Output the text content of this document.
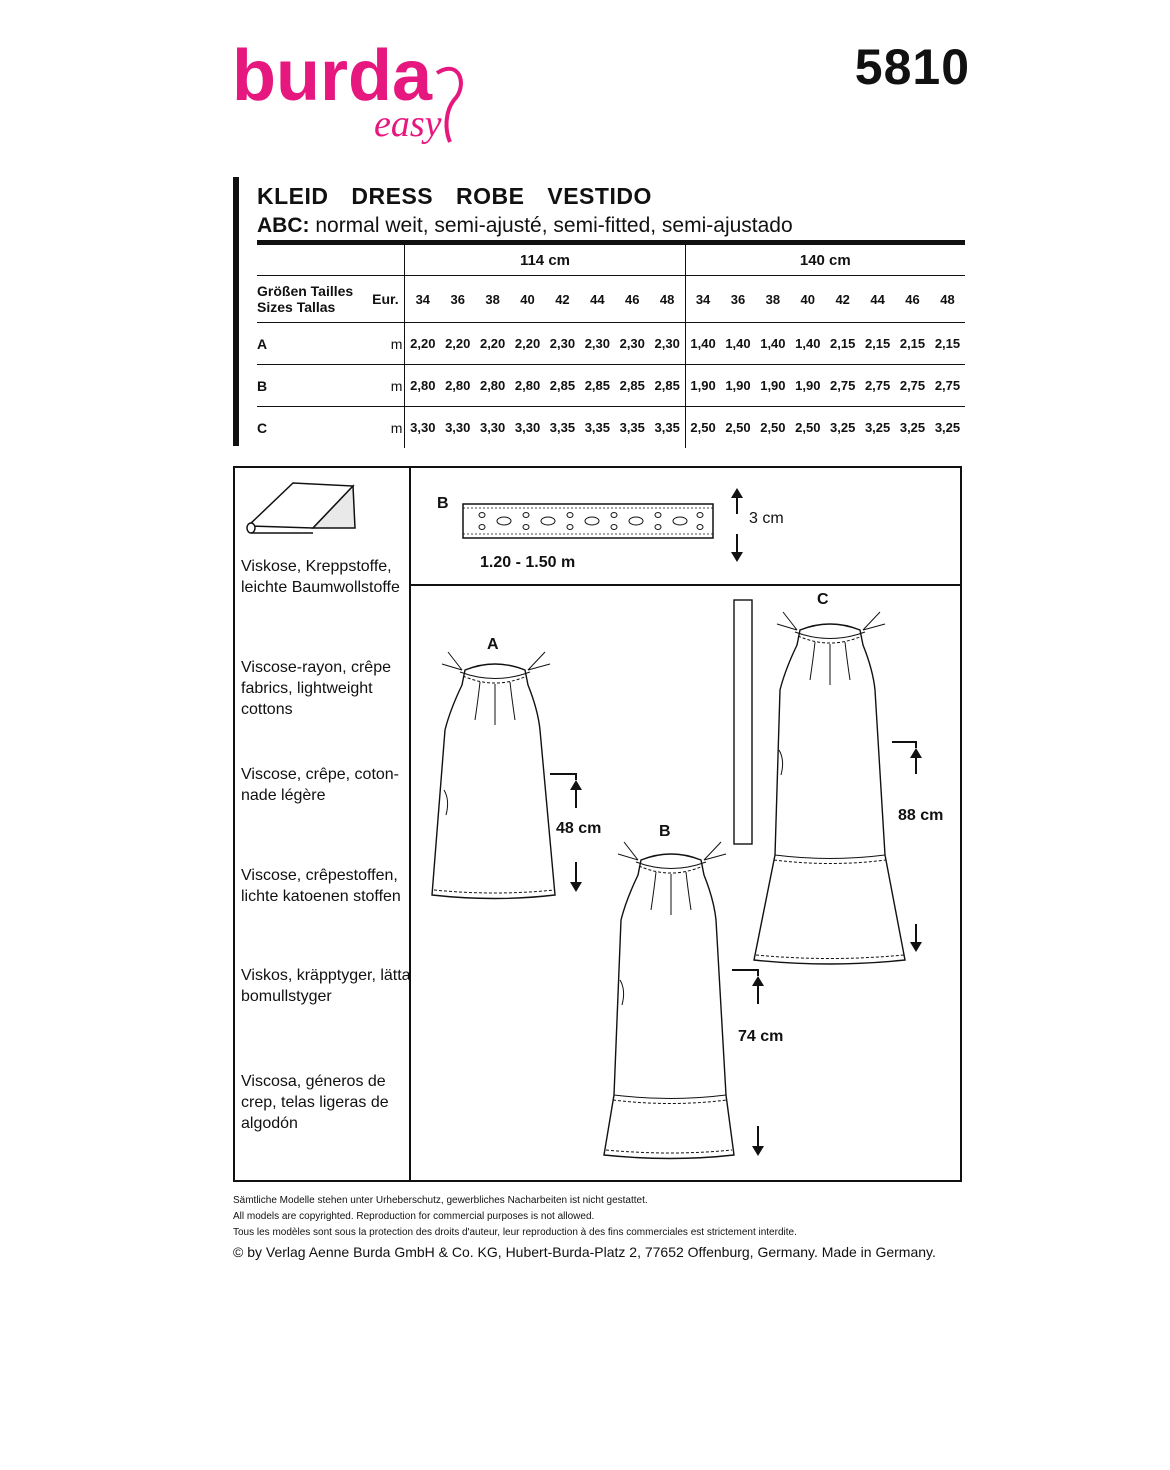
burda
easy
5810
KLEID DRESS ROBE VESTIDO
ABC: normal weit, semi-ajusté, semi-fitted, semi-ajustado
		114 cm								140 cm							

Größen Tailles
Sizes Tallas	Eur.	34	36	38	40	42	44	46	48	34	36	38	40	42	44	46	48
A	m	2,20	2,20	2,20	2,20	2,30	2,30	2,30	2,30	1,40	1,40	1,40	1,40	2,15	2,15	2,15	2,15
B	m	2,80	2,80	2,80	2,80	2,85	2,85	2,85	2,85	1,90	1,90	1,90	1,90	2,75	2,75	2,75	2,75
C	m	3,30	3,30	3,30	3,30	3,35	3,35	3,35	3,35	2,50	2,50	2,50	2,50	3,25	3,25	3,25	3,25
Viskose, Kreppstoffe, leichte Baumwollstoffe
Viscose-rayon, crêpe fabrics, lightweight cottons
Viscose, crêpe, coton-nade légère
Viscose, crêpestoffen, lichte katoenen stoffen
Viskos, kräpptyger, lätta bomullstyger
Viscosa, géneros de crep, telas ligeras de algodón
B
1.20 - 1.50 m
3 cm
A
48 cm	B
74 cm
C
88 cm
Sämtliche Modelle stehen unter Urheberschutz, gewerbliches Nacharbeiten ist nicht gestattet.
All models are copyrighted. Reproduction for commercial purposes is not allowed.
Tous les modèles sont sous la protection des droits d'auteur, leur reproduction à des fins commerciales est strictement interdite.
© by Verlag Aenne Burda GmbH & Co. KG, Hubert-Burda-Platz 2, 77652 Offenburg, Germany. Made in Germany.
